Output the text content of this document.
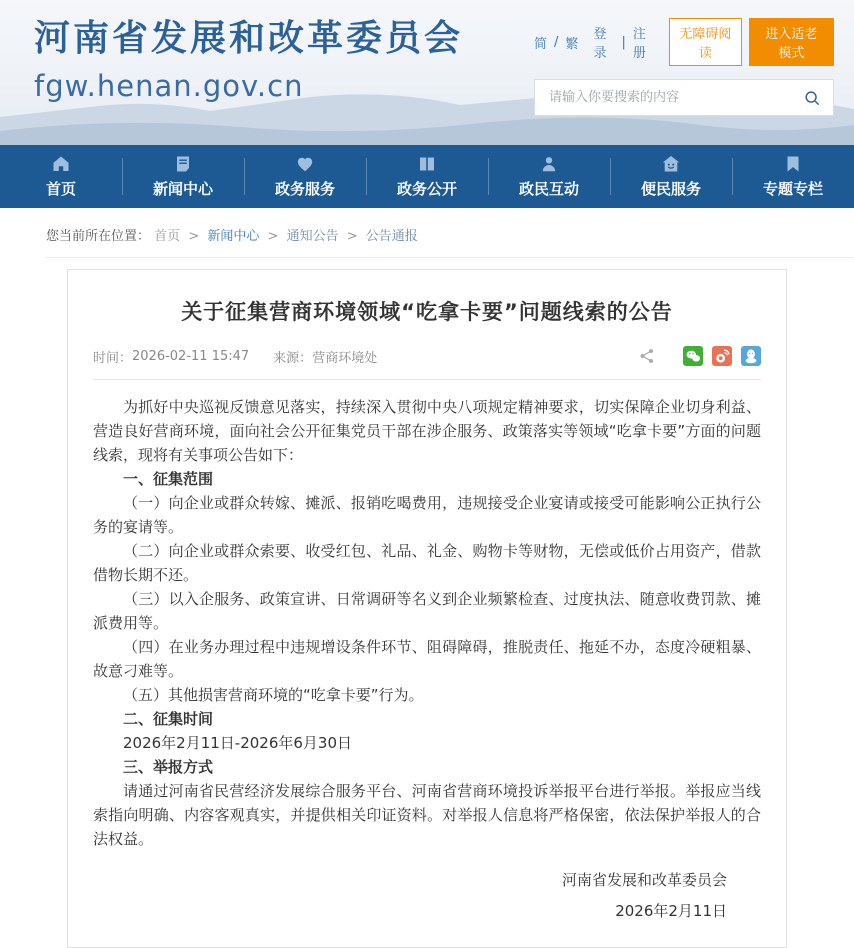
河南省发展和改革委员会
fgw.henan.gov.cn
简 / 繁
登录
| 注册
无障碍阅读
进入适老模式
请输入你要搜索的内容
首页	新闻中心	政务服务	政务公开	政民互动	便民服务	专题专栏
您当前所在位置： 首页 > 新闻中心 > 通知公告 > 公告通报
关于征集营商环境领域“吃拿卡要”问题线索的公告
时间： 2026-02-11 15:47 来源： 营商环境处

为抓好中央巡视反馈意见落实，持续深入贯彻中央八项规定精神要求，切实保障企业切身利益、营造良好营商环境，面向社会公开征集党员干部在涉企服务、政策落实等领域“吃拿卡要”方面的问题线索，现将有关事项公告如下：

一、征集范围

（一）向企业或群众转嫁、摊派、报销吃喝费用，违规接受企业宴请或接受可能影响公正执行公务的宴请等。

（二）向企业或群众索要、收受红包、礼品、礼金、购物卡等财物，无偿或低价占用资产，借款借物长期不还。

（三）以入企服务、政策宣讲、日常调研等名义到企业频繁检查、过度执法、随意收费罚款、摊派费用等。

（四）在业务办理过程中违规增设条件环节、阻碍障碍，推脱责任、拖延不办，态度冷硬粗暴、故意刁难等。

（五）其他损害营商环境的“吃拿卡要”行为。

二、征集时间

2026年2月11日-2026年6月30日

三、举报方式

请通过河南省民营经济发展综合服务平台、河南省营商环境投诉举报平台进行举报。举报应当线索指向明确、内容客观真实，并提供相关印证资料。对举报人信息将严格保密，依法保护举报人的合法权益。

河南省发展和改革委员会
2026年2月11日
